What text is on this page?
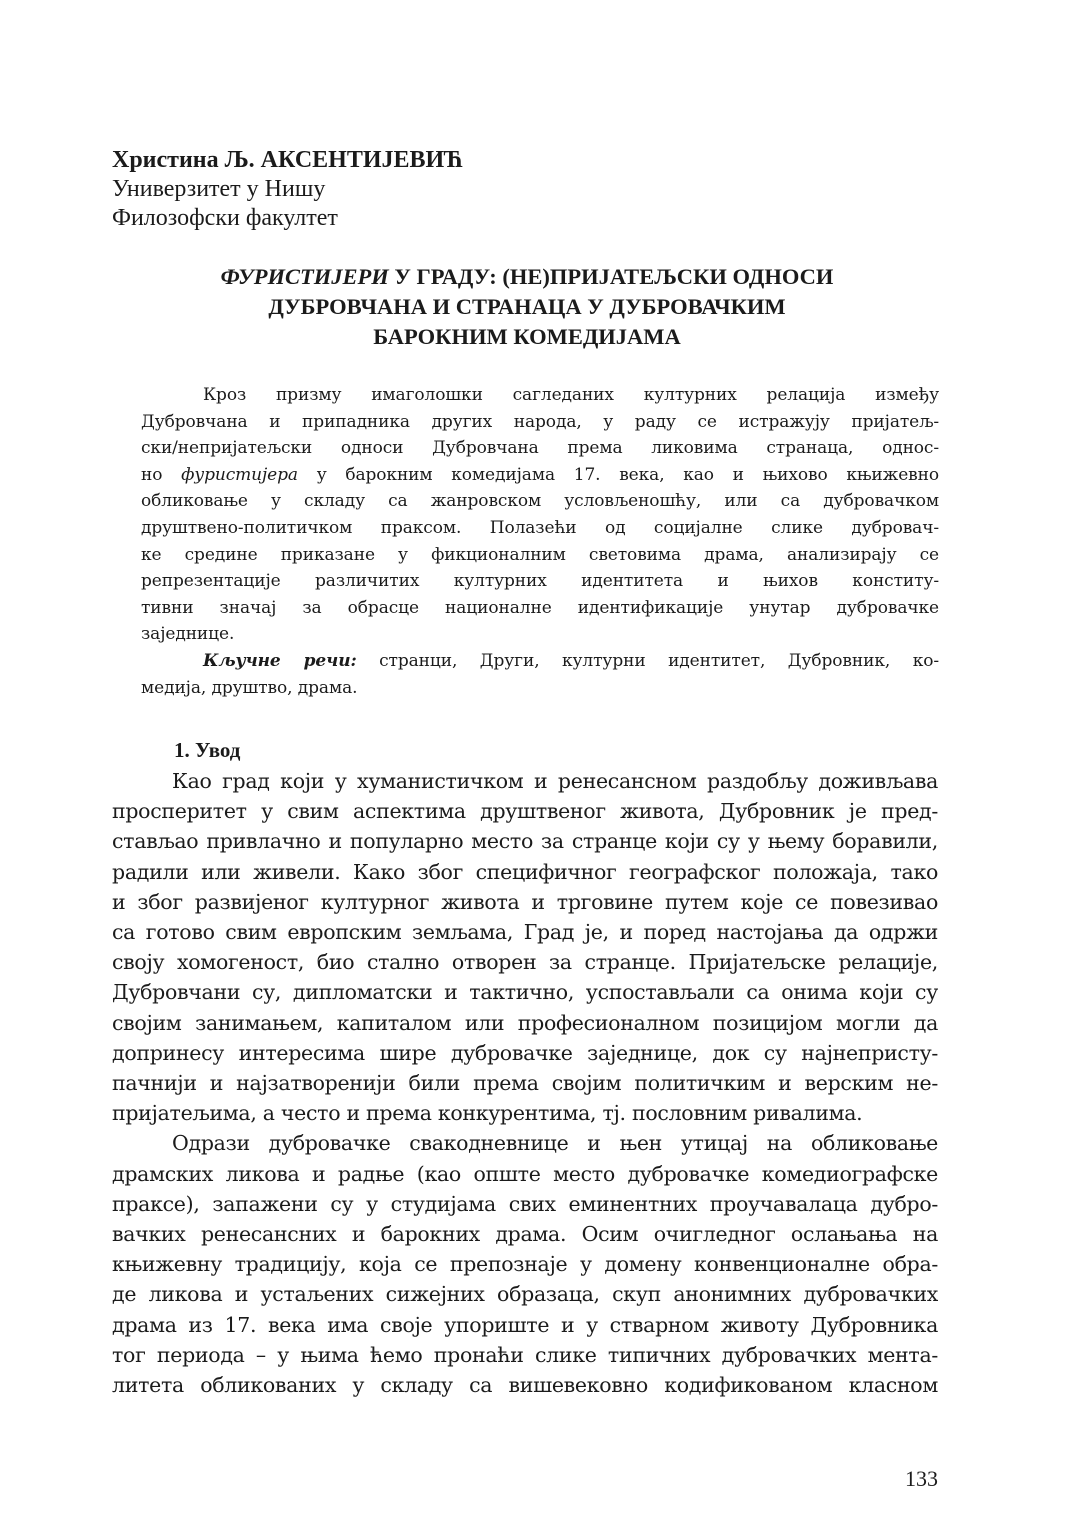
Христина Љ. АКСЕНТИЈЕВИЋ
Универзитет у Нишу
Филозофски факултет
ФУРИСТИЈЕРИ У ГРАДУ: (НЕ)ПРИЈАТЕЉСКИ ОДНОСИ
ДУБРОВЧАНА И СТРАНАЦА У ДУБРОВАЧКИМ
БАРОКНИМ КОМЕДИЈАМА
Кроз призму имаголошки сагледаних културних релација између
Дубровчана и припадника других народа, у раду се истражују пријатељ-
ски/непријатељски односи Дубровчана према ликовима странаца, однос-
но фуристијера у барокним комедијама 17. века, као и њихово књижевно
обликовање у складу са жанровском условљеношћу, или са дубровачком
друштвено-политичком праксом. Полазећи од социјалне слике дубровач-
ке средине приказане у фикционалним световима драма, анализирају се
репрезентације различитих културних идентитета и њихов конститу-
тивни значај за обрасце националне идентификације унутар дубровачке
заједнице.
Кључне речи: странци, Други, културни идентитет, Дубровник, ко-
медија, друштво, драма.
1. Увод
Као град који у хуманистичком и ренесансном раздобљу доживљава
просперитет у свим аспектима друштвеног живота, Дубровник је пред-
стављао привлачно и популарно место за странце који су у њему боравили,
радили или живели. Како због специфичног географског положаја, тако
и због развијеног културног живота и трговине путем које се повезивао
са готово свим европским земљама, Град је, и поред настојања да одржи
своју хомогеност, био стално отворен за странце. Пријатељске релације,
Дубровчани су, дипломатски и тактично, успостављали са онима који су
својим занимањем, капиталом или професионалном позицијом могли да
допринесу интересима шире дубровачке заједнице, док су најнепристу-
пачнији и најзатворенији били према својим политичким и верским не-
пријатељима, а често и према конкурентима, тј. пословним ривалима.
Одрази дубровачке свакодневнице и њен утицај на обликовање
драмских ликова и радње (као опште место дубровачке комедиографске
праксе), запажени су у студијама свих еминентних проучавалаца дубро-
вачких ренесансних и барокних драма. Осим очигледног ослањања на
књижевну традицију, која се препознаје у домену конвенционалне обра-
де ликова и устаљених сижејних образаца, скуп анонимних дубровачких
драма из 17. века има своје упориште и у стварном животу Дубровника
тог периода – у њима ћемо пронаћи слике типичних дубровачких мента-
литета обликованих у складу са вишевековно кодификованом класном
133
